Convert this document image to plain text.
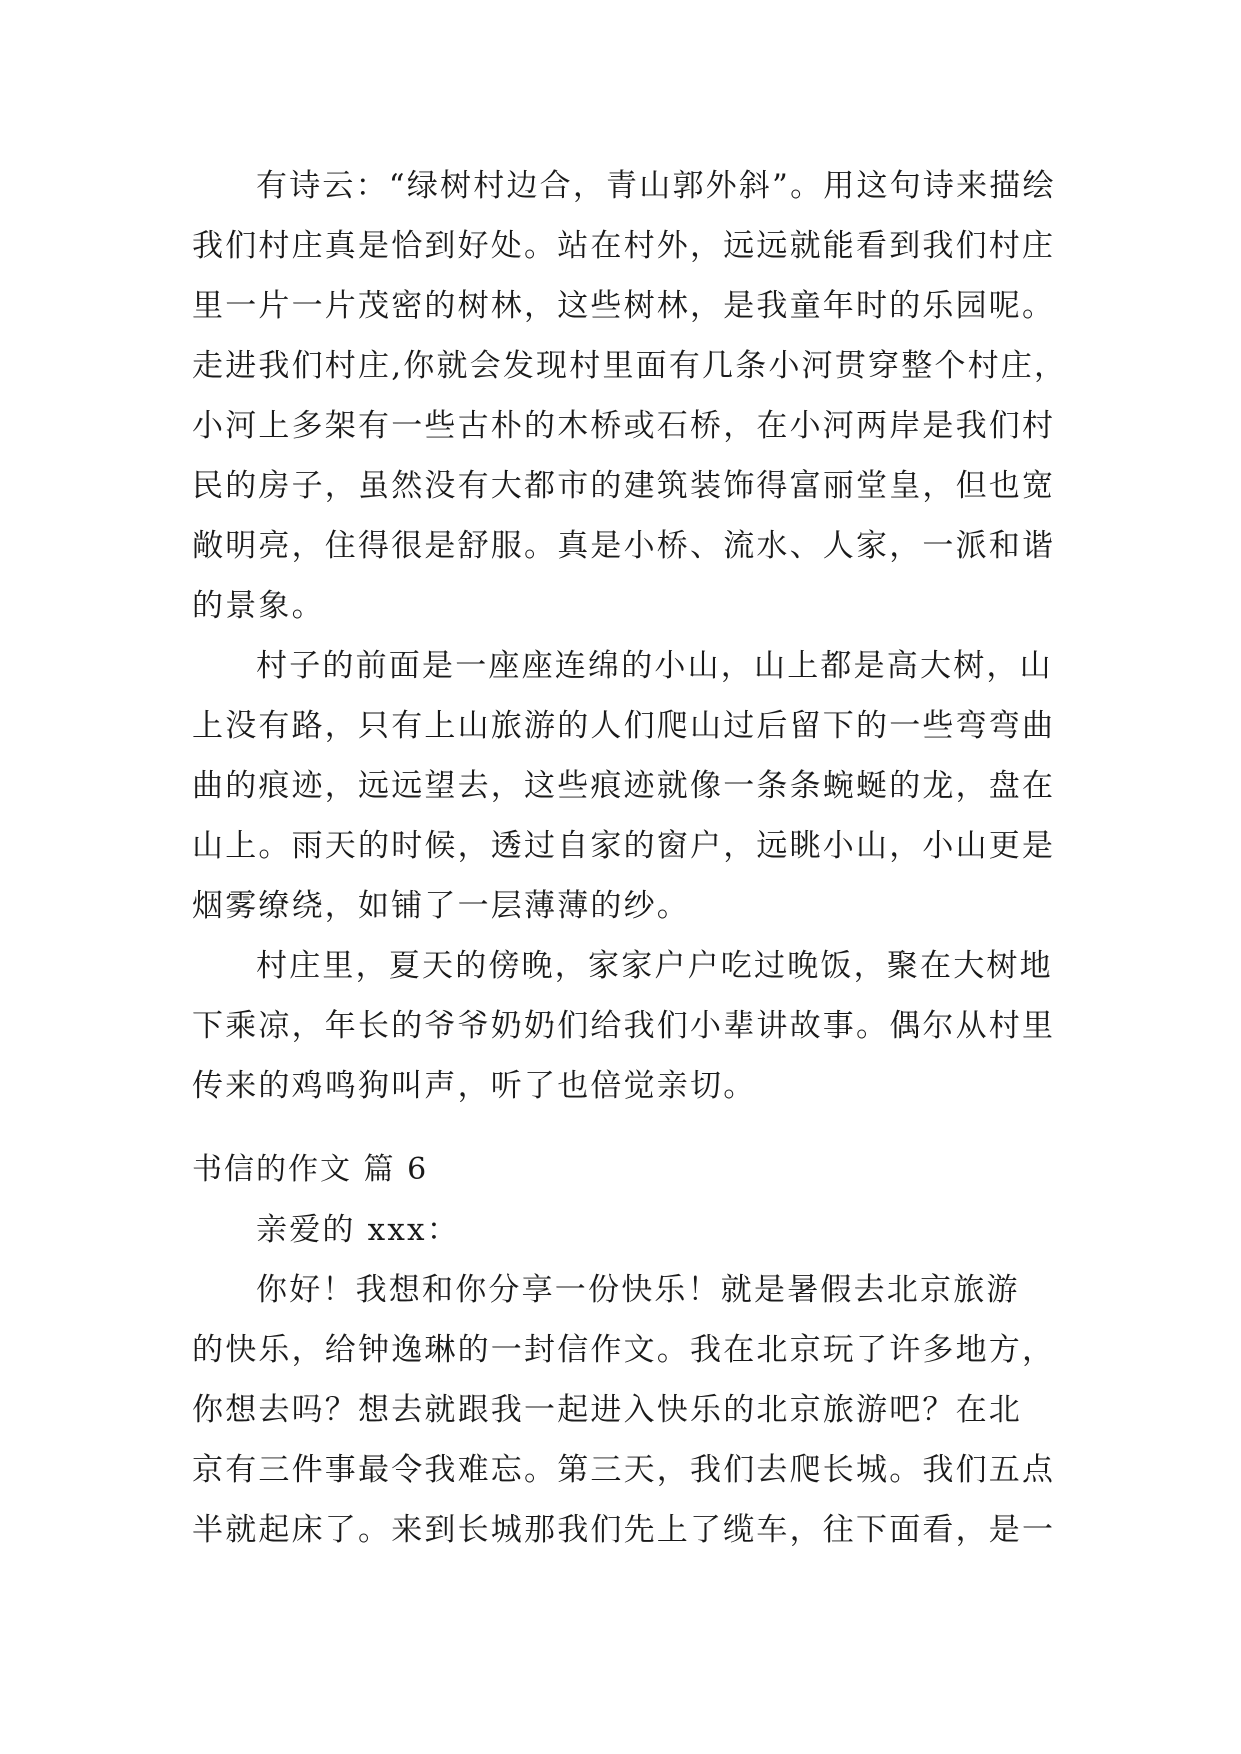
有诗云：“绿树村边合，青山郭外斜”。用这句诗来描绘
我们村庄真是恰到好处。站在村外，远远就能看到我们村庄
里一片一片茂密的树林，这些树林，是我童年时的乐园呢。
走进我们村庄,你就会发现村里面有几条小河贯穿整个村庄，
小河上多架有一些古朴的木桥或石桥，在小河两岸是我们村
民的房子，虽然没有大都市的建筑装饰得富丽堂皇，但也宽
敞明亮，住得很是舒服。真是小桥、流水、人家，一派和谐
的景象。
村子的前面是一座座连绵的小山，山上都是高大树，山
上没有路，只有上山旅游的人们爬山过后留下的一些弯弯曲
曲的痕迹，远远望去，这些痕迹就像一条条蜿蜒的龙，盘在
山上。雨天的时候，透过自家的窗户，远眺小山，小山更是
烟雾缭绕，如铺了一层薄薄的纱。
村庄里，夏天的傍晚，家家户户吃过晚饭，聚在大树地
下乘凉，年长的爷爷奶奶们给我们小辈讲故事。偶尔从村里
传来的鸡鸣狗叫声，听了也倍觉亲切。
书信的作文 篇 6
亲爱的 xxx：
你好！我想和你分享一份快乐！就是暑假去北京旅游
的快乐，给钟逸琳的一封信作文。我在北京玩了许多地方，
你想去吗？想去就跟我一起进入快乐的北京旅游吧？在北
京有三件事最令我难忘。第三天，我们去爬长城。我们五点
半就起床了。来到长城那我们先上了缆车，往下面看，是一
